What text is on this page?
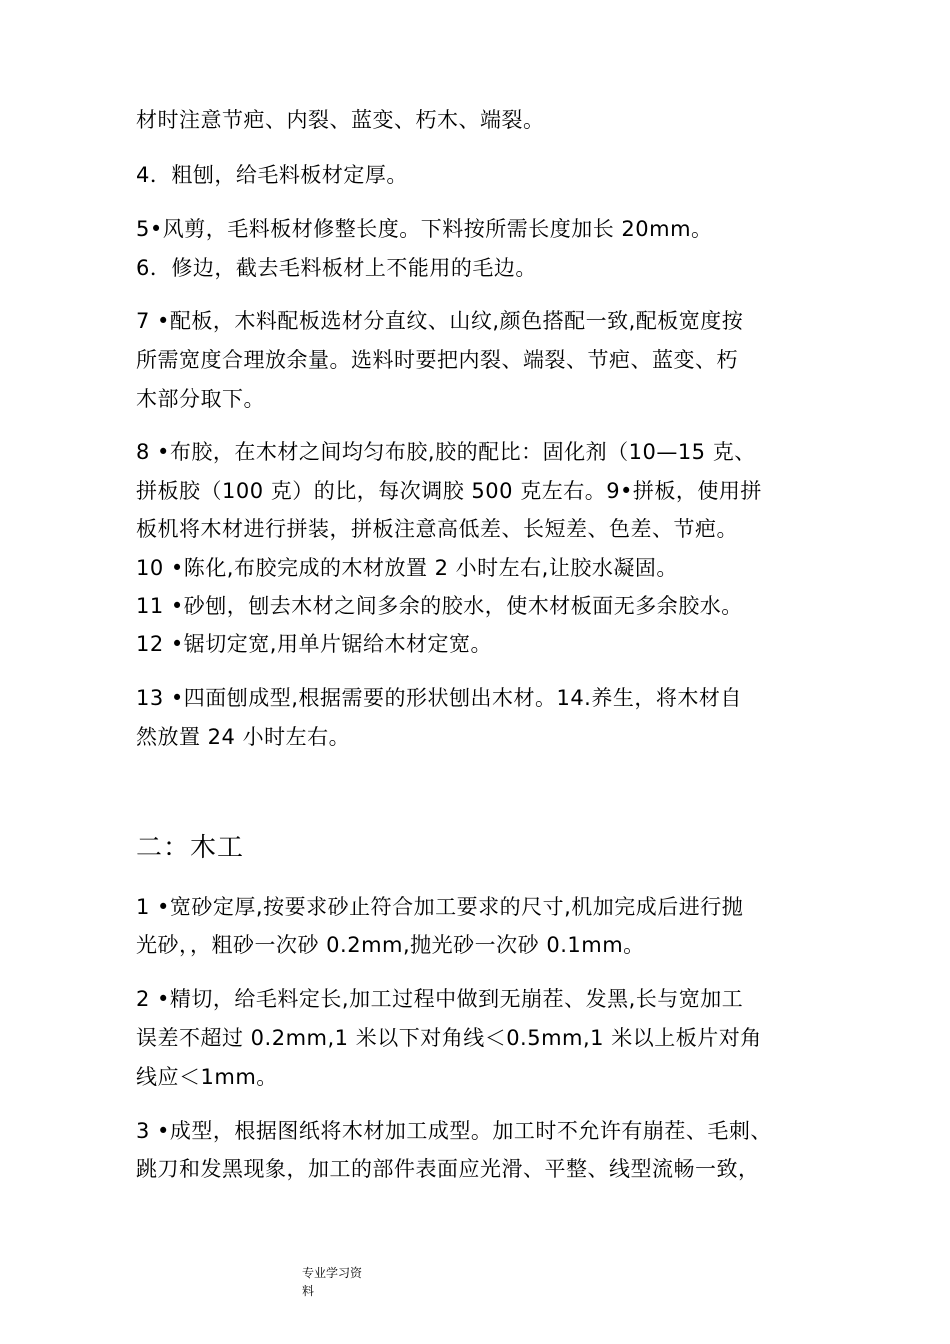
材时注意节疤、内裂、蓝变、朽木、端裂。
4．粗刨，给毛料板材定厚。
5•风剪，毛料板材修整长度。下料按所需长度加长 20mm。
6．修边，截去毛料板材上不能用的毛边。
7 •配板，木料配板选材分直纹、山纹,颜色搭配一致,配板宽度按
所需宽度合理放余量。选料时要把内裂、端裂、节疤、蓝变、朽
木部分取下。
8 •布胶，在木材之间均匀布胶,胶的配比：固化剂（10—15 克、
拼板胶（100 克）的比，每次调胶 500 克左右。9•拼板，使用拼
板机将木材进行拼装，拼板注意高低差、长短差、色差、节疤。
10 •陈化,布胶完成的木材放置 2 小时左右,让胶水凝固。
11 •砂刨，刨去木材之间多余的胶水，使木材板面无多余胶水。
12 •锯切定宽,用单片锯给木材定宽。
13 •四面刨成型,根据需要的形状刨出木材。14.养生，将木材自
然放置 24 小时左右。
二：木工
1 •宽砂定厚,按要求砂止符合加工要求的尺寸,机加完成后进行抛
光砂，，粗砂一次砂 0.2mm,抛光砂一次砂 0.1mm。
2 •精切，给毛料定长,加工过程中做到无崩茬、发黑,长与宽加工
误差不超过 0.2mm,1 米以下对角线＜0.5mm,1 米以上板片对角
线应＜1mm。
3 •成型，根据图纸将木材加工成型。加工时不允许有崩茬、毛刺、
跳刀和发黑现象，加工的部件表面应光滑、平整、线型流畅一致，
专业学习资
料
